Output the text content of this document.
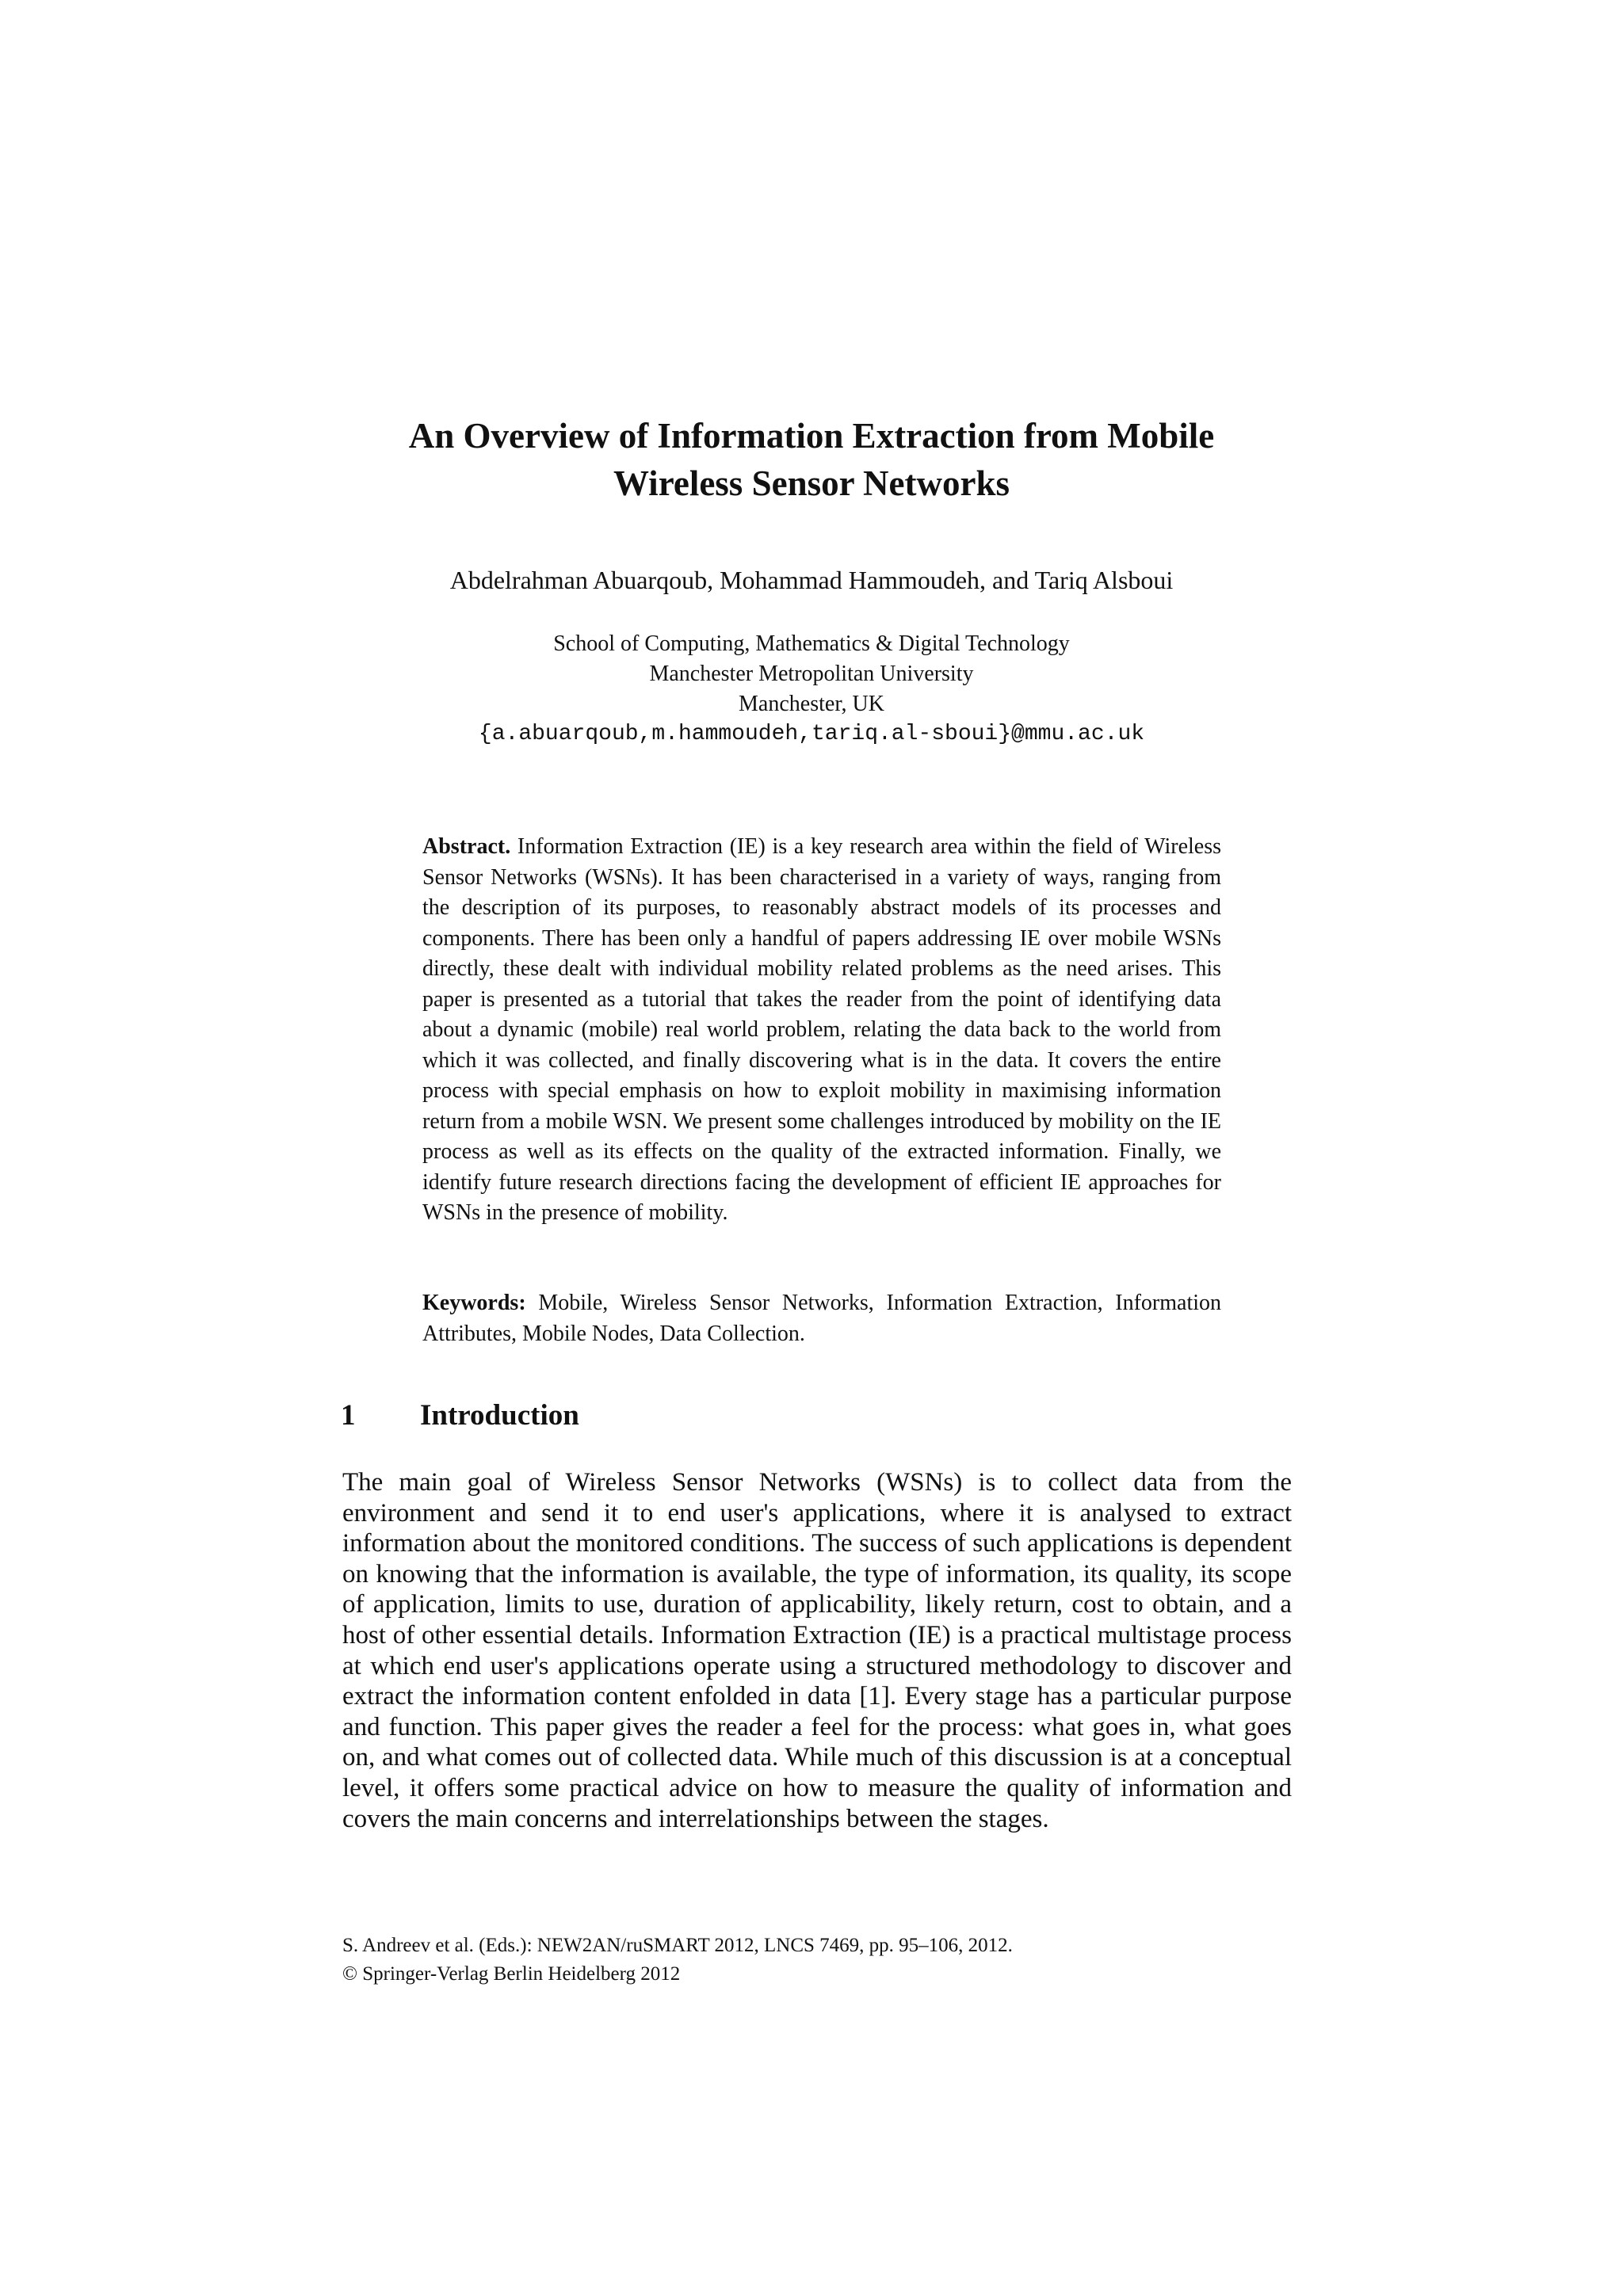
An Overview of Information Extraction from Mobile
Wireless Sensor Networks
Abdelrahman Abuarqoub, Mohammad Hammoudeh, and Tariq Alsboui
School of Computing, Mathematics & Digital Technology
Manchester Metropolitan University
Manchester, UK
{a.abuarqoub,m.hammoudeh,tariq.al-sboui}@mmu.ac.uk
Abstract. Information Extraction (IE) is a key research area within the field of Wireless Sensor Networks (WSNs). It has been characterised in a variety of ways, ranging from the description of its purposes, to reasonably abstract models of its processes and components. There has been only a handful of papers addressing IE over mobile WSNs directly, these dealt with individual mobility related problems as the need arises. This paper is presented as a tutorial that takes the reader from the point of identifying data about a dynamic (mobile) real world problem, relating the data back to the world from which it was collected, and finally discovering what is in the data. It covers the entire process with special emphasis on how to exploit mobility in maximising information return from a mobile WSN. We present some challenges introduced by mobility on the IE process as well as its effects on the quality of the extracted information. Finally, we identify future research directions facing the development of efficient IE approaches for WSNs in the presence of mobility.
Keywords: Mobile, Wireless Sensor Networks, Information Extraction, Information Attributes, Mobile Nodes, Data Collection.
1 Introduction
The main goal of Wireless Sensor Networks (WSNs) is to collect data from the environment and send it to end user's applications, where it is analysed to extract information about the monitored conditions. The success of such applications is dependent on knowing that the information is available, the type of information, its quality, its scope of application, limits to use, duration of applicability, likely return, cost to obtain, and a host of other essential details. Information Extraction (IE) is a practical multistage process at which end user's applications operate using a structured methodology to discover and extract the information content enfolded in data [1]. Every stage has a particular purpose and function. This paper gives the reader a feel for the process: what goes in, what goes on, and what comes out of collected data. While much of this discussion is at a conceptual level, it offers some practical advice on how to measure the quality of information and covers the main concerns and interrelationships between the stages.
S. Andreev et al. (Eds.): NEW2AN/ruSMART 2012, LNCS 7469, pp. 95–106, 2012.
© Springer-Verlag Berlin Heidelberg 2012
